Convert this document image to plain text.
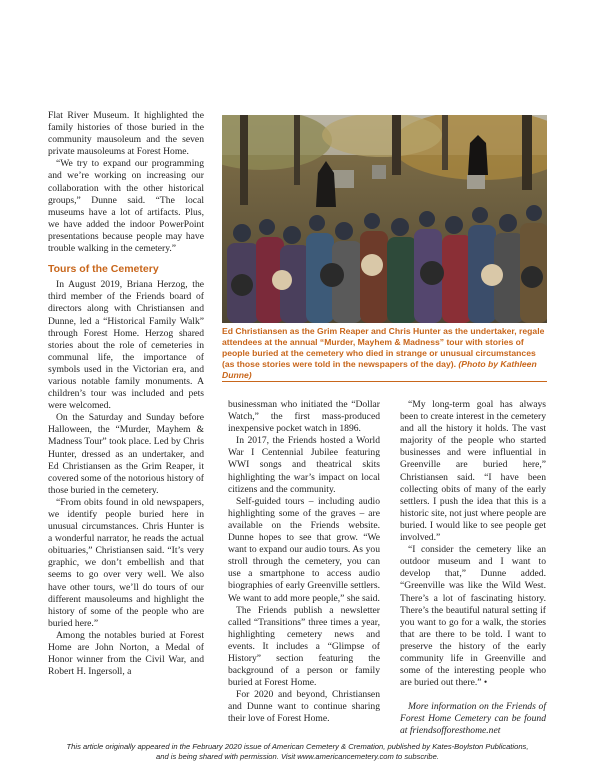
Flat River Museum. It highlighted the family histories of those buried in the community mausoleum and the seven private mausoleums at Forest Home.

“We try to expand our programming and we’re working on increasing our collaboration with the other historical groups,” Dunne said. “The local museums have a lot of artifacts. Plus, we have added the indoor PowerPoint presentations because people may have trouble walking in the cemetery.”

Tours of the Cemetery

In August 2019, Briana Herzog, the third member of the Friends board of directors along with Christiansen and Dunne, led a “Historical Family Walk” through Forest Home. Herzog shared stories about the role of cemeteries in communal life, the importance of symbols used in the Victorian era, and various notable family monuments. A children’s tour was included and pets were welcomed.

On the Saturday and Sunday before Halloween, the “Murder, Mayhem & Madness Tour” took place. Led by Chris Hunter, dressed as an undertaker, and Ed Christiansen as the Grim Reaper, it covered some of the notorious history of those buried in the cemetery.

“From obits found in old newspapers, we identify people buried here in unusual circumstances. Chris Hunter is a wonderful narrator, he reads the actual obituaries,” Christiansen said. “It’s very graphic, we don’t embellish and that seems to go over very well. We also have other tours, we’ll do tours of our different mausoleums and highlight the history of some of the people who are buried here.”

Among the notables buried at Forest Home are John Norton, a Medal of Honor winner from the Civil War, and Robert H. Ingersoll, a

Ed Christiansen as the Grim Reaper and Chris Hunter as the undertaker, regale attendees at the annual “Murder, Mayhem & Madness” tour with stories of people buried at the cemetery who died in strange or unusual circumstances (as those stories were told in the newspapers of the day). (Photo by Kathleen Dunne)

businessman who initiated the “Dollar Watch,” the first mass-produced inexpensive pocket watch in 1896.

In 2017, the Friends hosted a World War I Centennial Jubilee featuring WWI songs and theatrical skits highlighting the war’s impact on local citizens and the community.

Self-guided tours – including audio highlighting some of the graves – are available on the Friends website. Dunne hopes to see that grow. “We want to expand our audio tours. As you stroll through the cemetery, you can use a smartphone to access audio biographies of early Greenville settlers. We want to add more people,” she said.

The Friends publish a newsletter called “Transitions” three times a year, highlighting cemetery news and events. It includes a “Glimpse of History” section featuring the background of a person or family buried at Forest Home.

For 2020 and beyond, Christiansen and Dunne want to continue sharing their love of Forest Home.

“My long-term goal has always been to create interest in the cemetery and all the history it holds. The vast majority of the people who started businesses and were influential in Greenville are buried here,” Christiansen said. “I have been collecting obits of many of the early settlers. I push the idea that this is a historic site, not just where people are buried. I would like to see people get involved.”

“I consider the cemetery like an outdoor museum and I want to develop that,” Dunne added. “Greenville was like the Wild West. There’s a lot of fascinating history. There’s the beautiful natural setting if you want to go for a walk, the stories that are there to be told. I want to preserve the history of the early community life in Greenville and some of the interesting people who are buried out there.” •

More information on the Friends of Forest Home Cemetery can be found at friendsofforesthome.net

This article originally appeared in the February 2020 issue of American Cemetery & Cremation, published by Kates-Boylston Publications,
and is being shared with permission. Visit www.americancemetery.com to subscribe.
